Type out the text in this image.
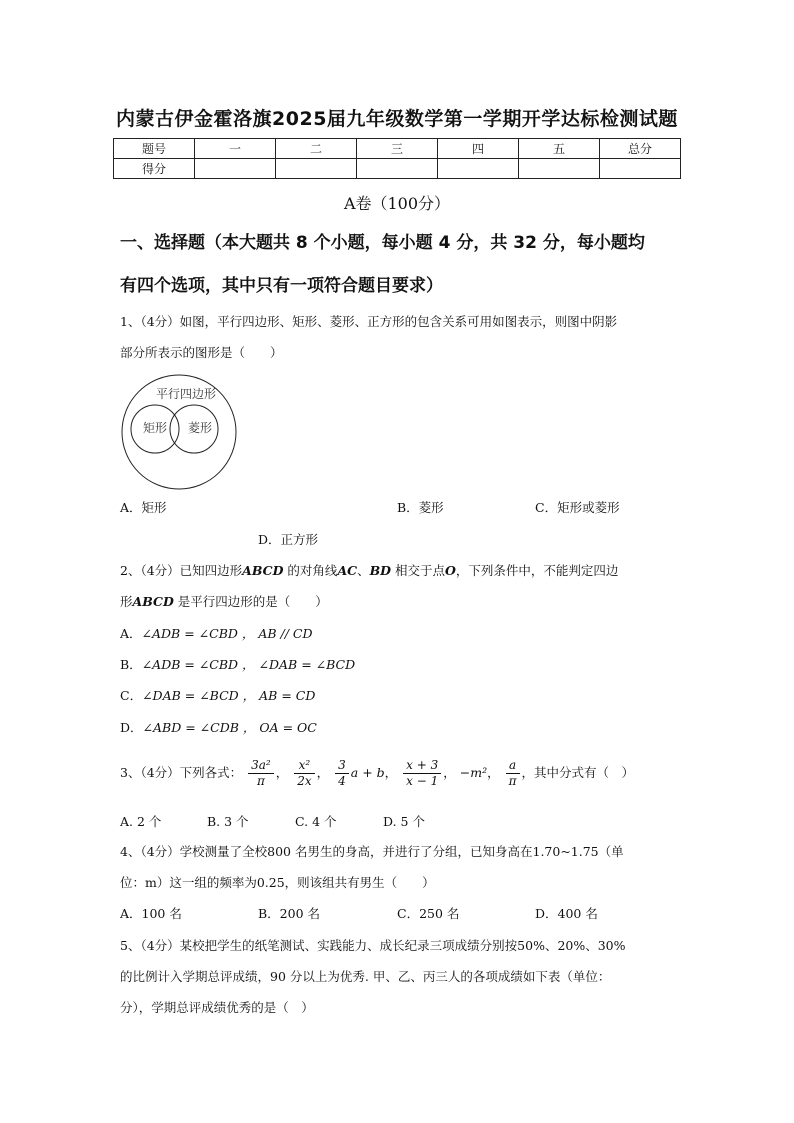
内蒙古伊金霍洛旗2025届九年级数学第一学期开学达标检测试题
题号	一	二	三	四	五	总分
得分						
A卷（100分）
一、选择题（本大题共 8 个小题，每小题 4 分，共 32 分，每小题均
有四个选项，其中只有一项符合题目要求）
1、（4分）如图，平行四边形、矩形、菱形、正方形的包含关系可用如图表示，则图中阴影
部分所表示的图形是（　　）
平行四边形
矩形 菱形
A．矩形	B．菱形	C．矩形或菱形
D．正方形
2、（4分）已知四边形ABCD 的对角线AC、BD 相交于点O，下列条件中，不能判定四边
形ABCD 是平行四边形的是（　　）
A．∠ADB = ∠CBD ， AB // CD
B．∠ADB = ∠CBD ， ∠DAB = ∠BCD
C．∠DAB = ∠BCD ， AB = CD
D．∠ABD = ∠CDB ， OA = OC
3、（4分）下列各式： $\frac{\text{3a²}}{\pi}$ ， $\frac{\text{x²}}{2x}$ ， $\frac{3}{4}$ a + b， $\frac{x + 3}{x - 1}$ ， −m²， $\frac{a}{\pi}$ ，其中分式有（　）
A. 2 个	B. 3 个	C. 4 个	D. 5 个
4、（4分）学校测量了全校800 名男生的身高，并进行了分组，已知身高在1.70~1.75（单
位：m）这一组的频率为0.25，则该组共有男生（　　）
A．100 名	B．200 名	C．250 名	D．400 名
5、（4分）某校把学生的纸笔测试、实践能力、成长纪录三项成绩分别按50%、20%、30%
的比例计入学期总评成绩，90 分以上为优秀. 甲、乙、丙三人的各项成绩如下表（单位：
分），学期总评成绩优秀的是（　）
